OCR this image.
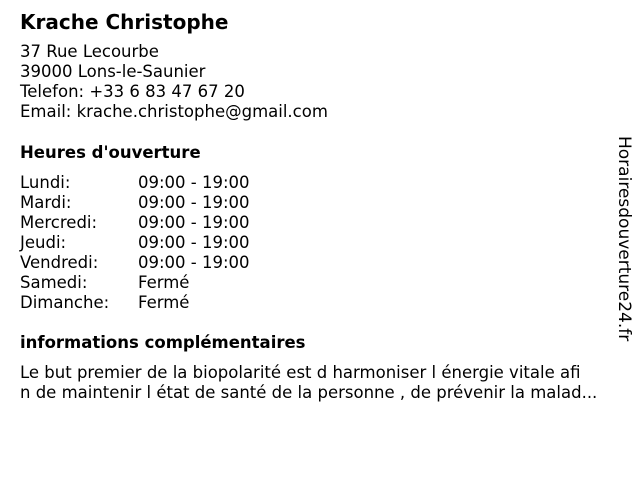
Krache Christophe
37 Rue Lecourbe
39000 Lons-le-Saunier
Telefon: +33 6 83 47 67 20
Email: krache.christophe@gmail.com
Heures d'ouverture
Lundi:	09:00 - 19:00
Mardi:	09:00 - 19:00
Mercredi:	09:00 - 19:00
Jeudi:	09:00 - 19:00
Vendredi:	09:00 - 19:00
Samedi:	Fermé
Dimanche:	Fermé
informations complémentaires
Le but premier de la biopolarité est d harmoniser l énergie vitale afi
n de maintenir l état de santé de la personne , de prévenir la malad...
Horairesdouverture24.fr
